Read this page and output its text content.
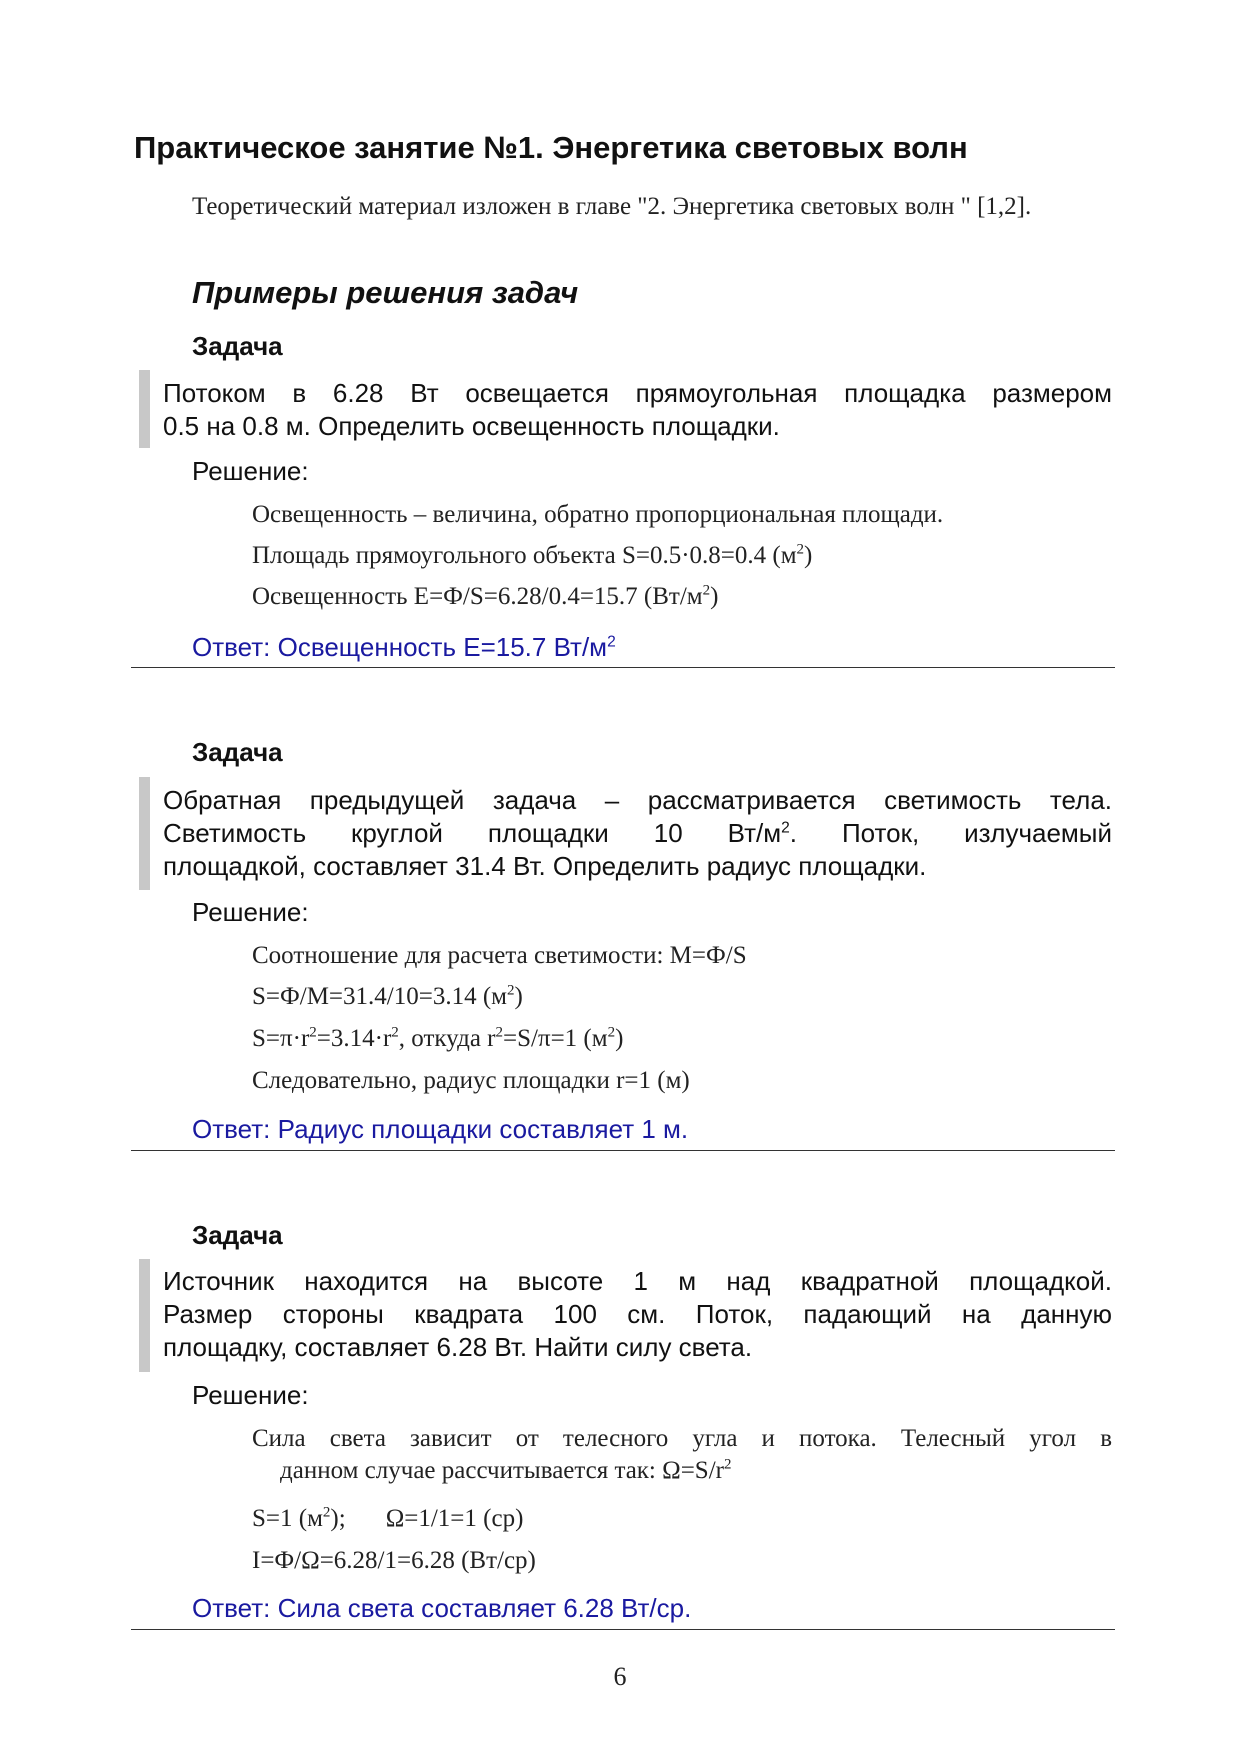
Практическое занятие №1. Энергетика световых волн
Теоретический материал изложен в главе "2. Энергетика световых волн " [1,2].
Примеры решения задач
Задача
Потоком в 6.28 Вт освещается прямоугольная площадка размером
0.5 на 0.8 м. Определить освещенность площадки.
Решение:
Освещенность – величина, обратно пропорциональная площади.
Площадь прямоугольного объекта S=0.5·0.8=0.4 $(м^2)$
Освещенность E=Ф/S=6.28/0.4=15.7 $(Вт/м^2)$
Ответ: Освещенность E=15.7 $Вт/м^2$
Задача
Обратная предыдущей задача – рассматривается светимость тела.
Светимость круглой площадки 10 $Вт/м^2$. Поток, излучаемый
площадкой, составляет 31.4 Вт. Определить радиус площадки.
Решение:
Соотношение для расчета светимости: M=Ф/S
S=Ф/M=31.4/10=3.14 $(м^2)$
$S=\pi\cdot r^2=3.14\cdot r^2$, откуда $r^2=S/\pi=1$ $(м^2)$
Следовательно, радиус площадки r=1 (м)
Ответ: Радиус площадки составляет 1 м.
Задача
Источник находится на высоте 1 м над квадратной площадкой.
Размер стороны квадрата 100 см. Поток, падающий на данную
площадку, составляет 6.28 Вт. Найти силу света.
Решение:
Сила света зависит от телесного угла и потока. Телесный угол в
данном случае рассчитывается так: $\Omega=S/r^2$
S=1 $(м^2)$; Ω=1/1=1 (ср)
I=Ф/Ω=6.28/1=6.28 (Вт/ср)
Ответ: Сила света составляет 6.28 Вт/ср.
6
